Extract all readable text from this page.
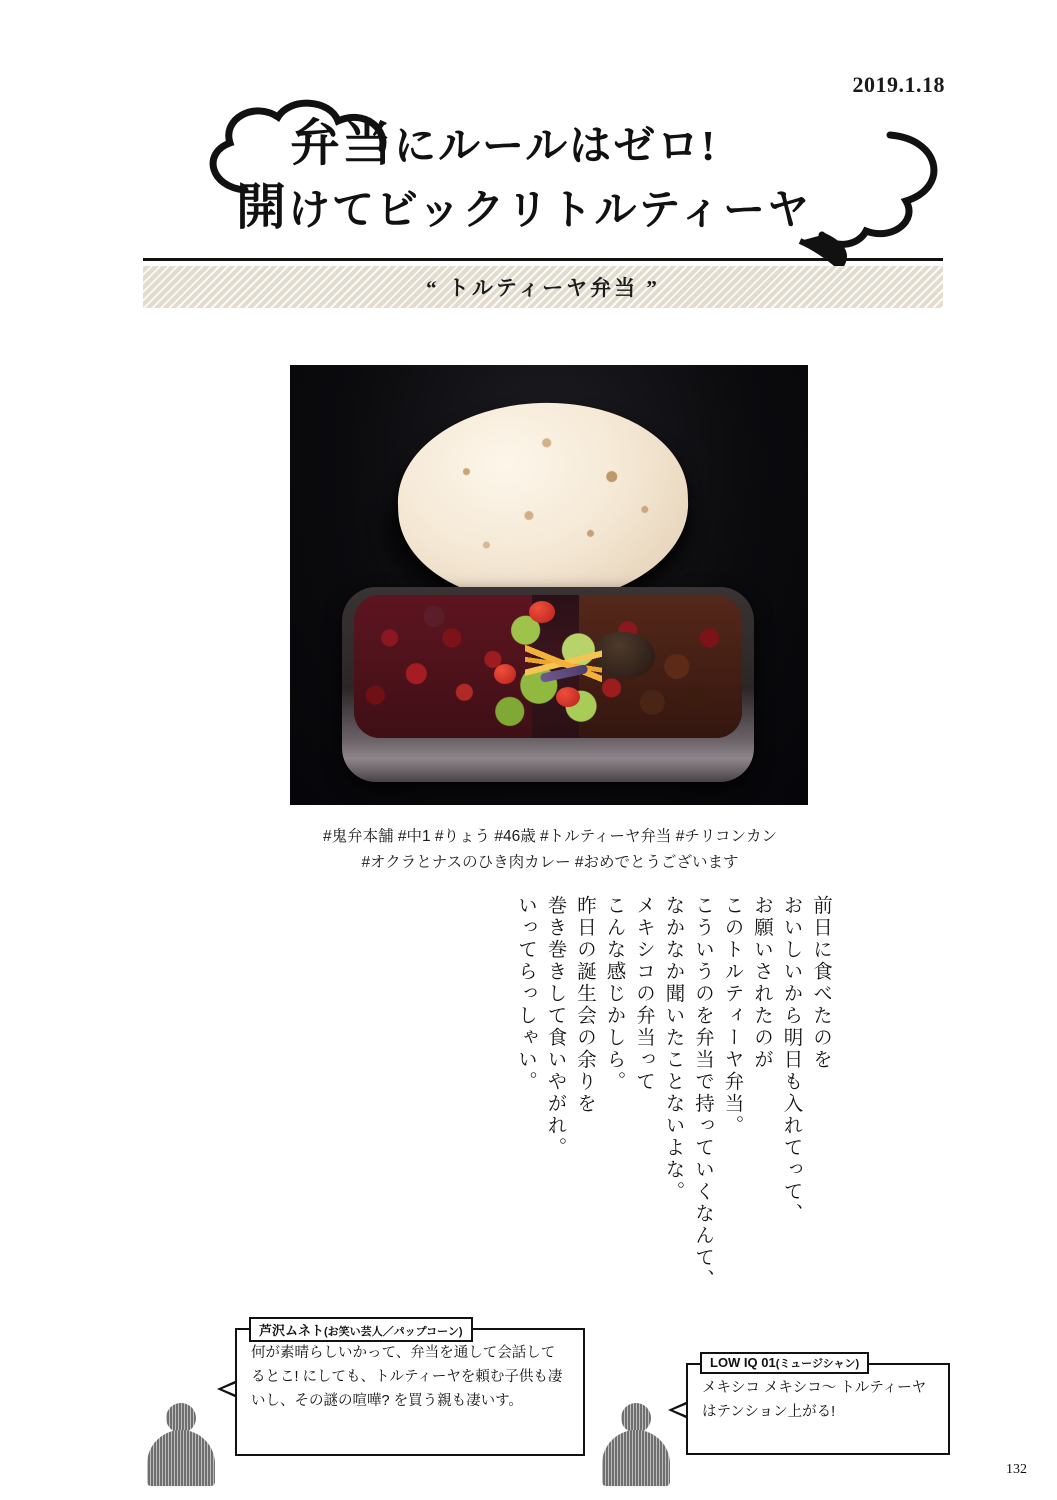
2019.1.18
弁当にルールはゼロ!
開けてビックリトルティーヤ
“ トルティーヤ弁当 ”
#鬼弁本舗 #中1 #りょう #46歳 #トルティーヤ弁当 #チリコンカン
#オクラとナスのひき肉カレー #おめでとうございます
前日に食べたのを
おいしいから明日も入れてって、
お願いされたのが
このトルティーヤ弁当。
こういうのを弁当で持っていくなんて、
なかなか聞いたことないよな。
メキシコの弁当って
こんな感じかしら。
昨日の誕生会の余りを
巻き巻きして食いやがれ。
いってらっしゃい。
芦沢ムネト(お笑い芸人／パップコーン)
何が素晴らしいかって、弁当を通して会話してるとこ! にしても、トルティーヤを頼む子供も凄いし、その謎の喧嘩? を買う親も凄いす。
LOW IQ 01(ミュージシャン)
メキシコ メキシコ〜 トルティーヤはテンション上がる!
132
